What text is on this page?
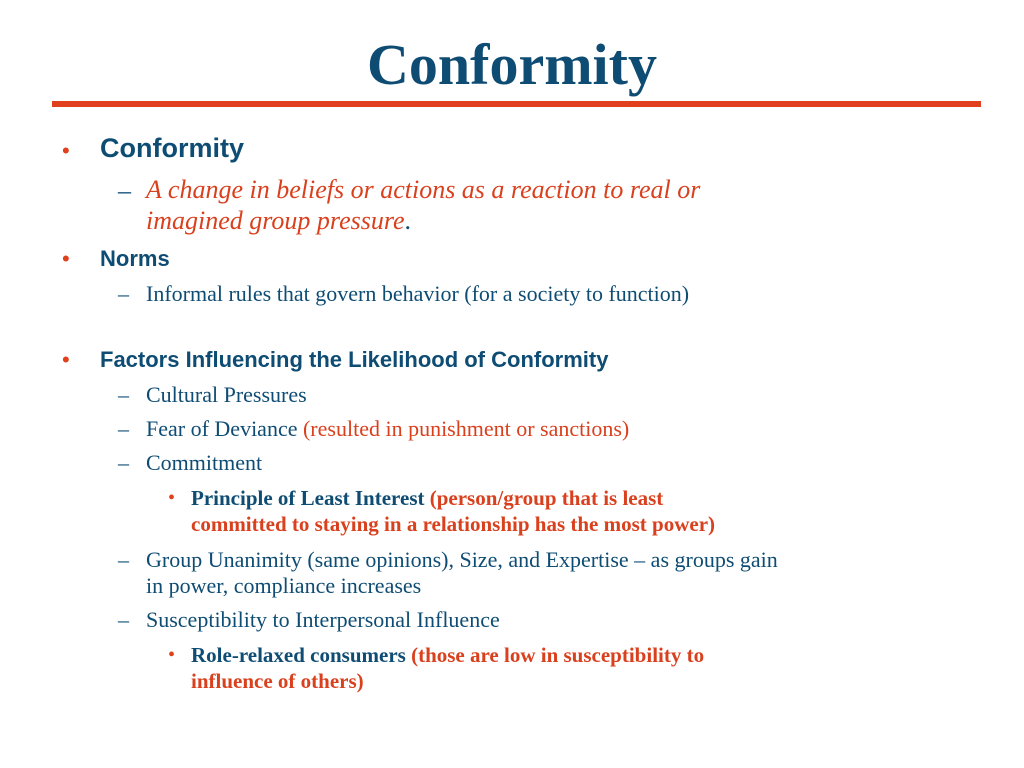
Conformity
• Conformity
– A change in beliefs or actions as a reaction to real or
imagined group pressure.
• Norms
– Informal rules that govern behavior (for a society to function)
• Factors Influencing the Likelihood of Conformity
– Cultural Pressures
– Fear of Deviance (resulted in punishment or sanctions)
– Commitment
• Principle of Least Interest (person/group that is least
committed to staying in a relationship has the most power)
– Group Unanimity (same opinions), Size, and Expertise – as groups gain
in power, compliance increases
– Susceptibility to Interpersonal Influence
• Role-relaxed consumers (those are low in susceptibility to
influence of others)
